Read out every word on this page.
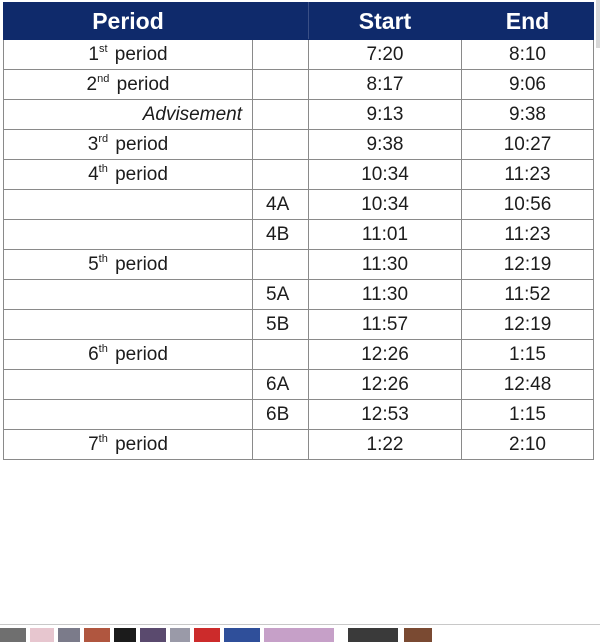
Period		Start	End
1st period		7:20	8:10
2nd period		8:17	9:06
Advisement		9:13	9:38
3rd period		9:38	10:27
4th period		10:34	11:23
	4A	10:34	10:56
	4B	11:01	11:23
5th period		11:30	12:19
	5A	11:30	11:52
	5B	11:57	12:19
6th period		12:26	1:15
	6A	12:26	12:48
	6B	12:53	1:15
7th period		1:22	2:10
